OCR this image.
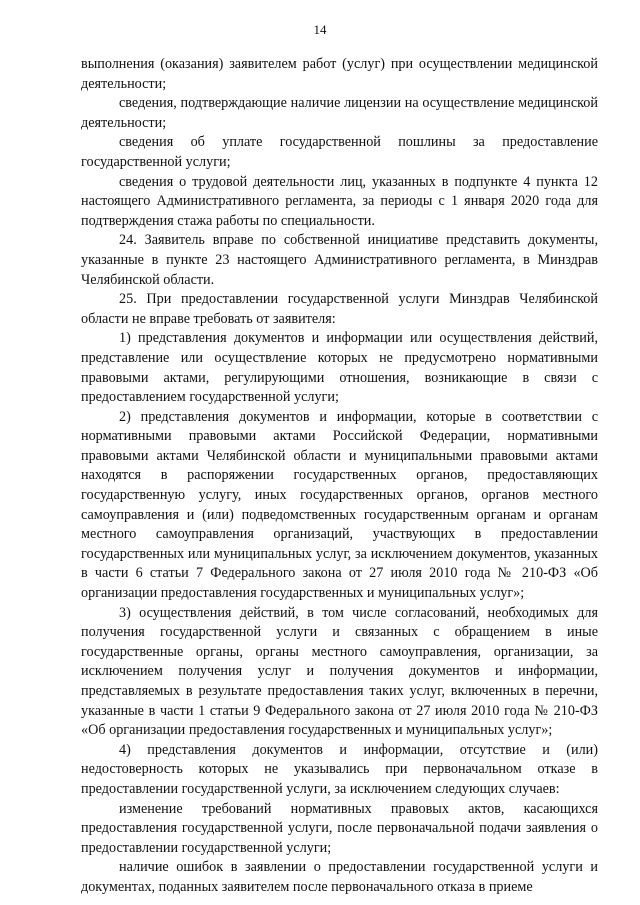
14

выполнения (оказания) заявителем работ (услуг) при осуществлении медицинской деятельности;

сведения, подтверждающие наличие лицензии на осуществление медицинской деятельности;

сведения об уплате государственной пошлины за предоставление государственной услуги;

сведения о трудовой деятельности лиц, указанных в подпункте 4 пункта 12 настоящего Административного регламента, за периоды с 1 января 2020 года для подтверждения стажа работы по специальности.

24. Заявитель вправе по собственной инициативе представить документы, указанные в пункте 23 настоящего Административного регламента, в Минздрав Челябинской области.

25. При предоставлении государственной услуги Минздрав Челябинской области не вправе требовать от заявителя:

1) представления документов и информации или осуществления действий, представление или осуществление которых не предусмотрено нормативными правовыми актами, регулирующими отношения, возникающие в связи с предоставлением государственной услуги;

2) представления документов и информации, которые в соответствии с нормативными правовыми актами Российской Федерации, нормативными правовыми актами Челябинской области и муниципальными правовыми актами находятся в распоряжении государственных органов, предоставляющих государственную услугу, иных государственных органов, органов местного самоуправления и (или) подведомственных государственным органам и органам местного самоуправления организаций, участвующих в предоставлении государственных или муниципальных услуг, за исключением документов, указанных в части 6 статьи 7 Федерального закона от 27 июля 2010 года № 210-ФЗ «Об организации предоставления государственных и муниципальных услуг»;

3) осуществления действий, в том числе согласований, необходимых для получения государственной услуги и связанных с обращением в иные государственные органы, органы местного самоуправления, организации, за исключением получения услуг и получения документов и информации, представляемых в результате предоставления таких услуг, включенных в перечни, указанные в части 1 статьи 9 Федерального закона от 27 июля 2010 года № 210-ФЗ «Об организации предоставления государственных и муниципальных услуг»;

4) представления документов и информации, отсутствие и (или) недостоверность которых не указывались при первоначальном отказе в предоставлении государственной услуги, за исключением следующих случаев:

изменение требований нормативных правовых актов, касающихся предоставления государственной услуги, после первоначальной подачи заявления о предоставлении государственной услуги;

наличие ошибок в заявлении о предоставлении государственной услуги и документах, поданных заявителем после первоначального отказа в приеме
